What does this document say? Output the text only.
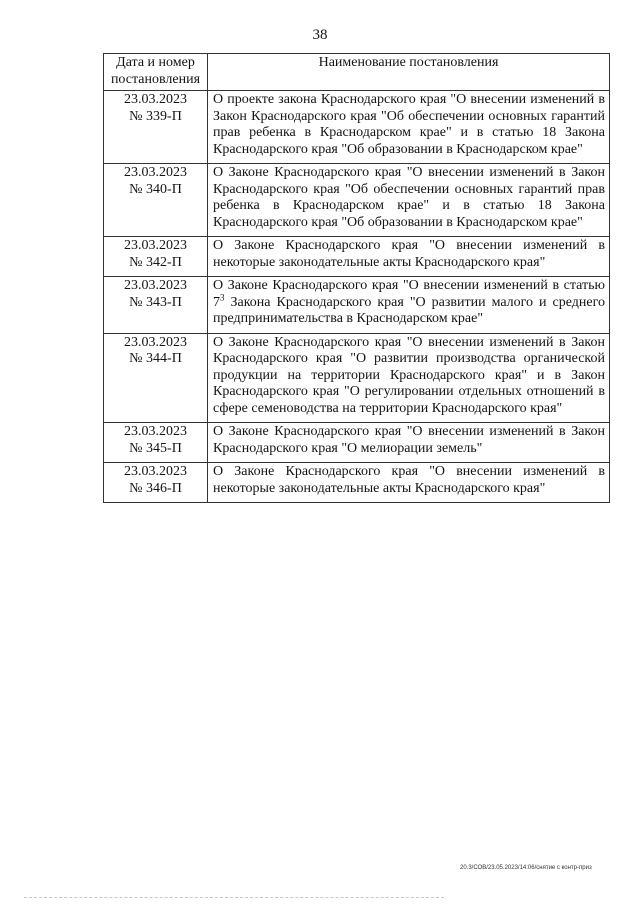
38
Дата и номер постановления	Наименование постановления

23.03.2023
№ 339-П	О проекте закона Краснодарского края "О внесении изменений в Закон Краснодарского края "Об обеспечении основных гарантий прав ребенка в Краснодарском крае" и в статью 18 Закона Краснодарского края "Об образовании в Краснодарском крае"

23.03.2023
№ 340-П	О Законе Краснодарского края "О внесении изменений в Закон Краснодарского края "Об обеспечении основных гарантий прав ребенка в Краснодарском крае" и в статью 18 Закона Краснодарского края "Об образовании в Краснодарском крае"

23.03.2023
№ 342-П	О Законе Краснодарского края "О внесении изменений в некоторые законодательные акты Краснодарского края"

23.03.2023
№ 343-П	О Законе Краснодарского края "О внесении изменений в статью $7^3$ Закона Краснодарского края "О развитии малого и среднего предпринимательства в Краснодарском крае"

23.03.2023
№ 344-П	О Законе Краснодарского края "О внесении изменений в Закон Краснодарского края "О развитии производства органической продукции на территории Краснодарского края" и в Закон Краснодарского края "О регулировании отдельных отношений в сфере семеноводства на территории Краснодарского края"

23.03.2023
№ 345-П	О Законе Краснодарского края "О внесении изменений в Закон Краснодарского края "О мелиорации земель"

23.03.2023
№ 346-П	О Законе Краснодарского края "О внесении изменений в некоторые законодательные акты Краснодарского края"
20.3/СОВ/23.05.2023/14:06/снятие с контр-приз
